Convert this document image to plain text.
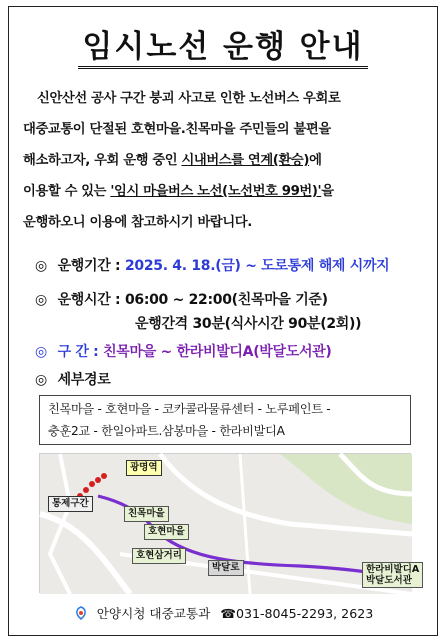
임시노선 운행 안내

신안산선 공사 구간 붕괴 사고로 인한 노선버스 우회로

대중교통이 단절된 호현마을.친목마을 주민들의 불편을

해소하고자, 우회 운행 중인 시내버스를 연계(환승)에

이용할 수 있는 '임시 마을버스 노선(노선번호 99번)'을

운행하오니 이용에 참고하시기 바랍니다.

◎ 운행기간 : 2025. 4. 18.(금) ~ 도로통제 해제 시까지
◎ 운행시간 : 06:00 ~ 22:00(친목마을 기준)
운행간격 30분(식사시간 90분(2회))
◎ 구 간 : 친목마을 ~ 한라비발디A(박달도서관)
◎ 세부경로
친목마을 - 호현마을 - 코카콜라물류센터 - 노루페인트 -
충훈2교 - 한일아파트.삼봉마을 - 한라비발디A
광명역
통제구간
친목마을
호현마을
호현삼거리
박달로	한라비발디A
박달도서관
안양시청 대중교통과 ☎031-8045-2293, 2623
